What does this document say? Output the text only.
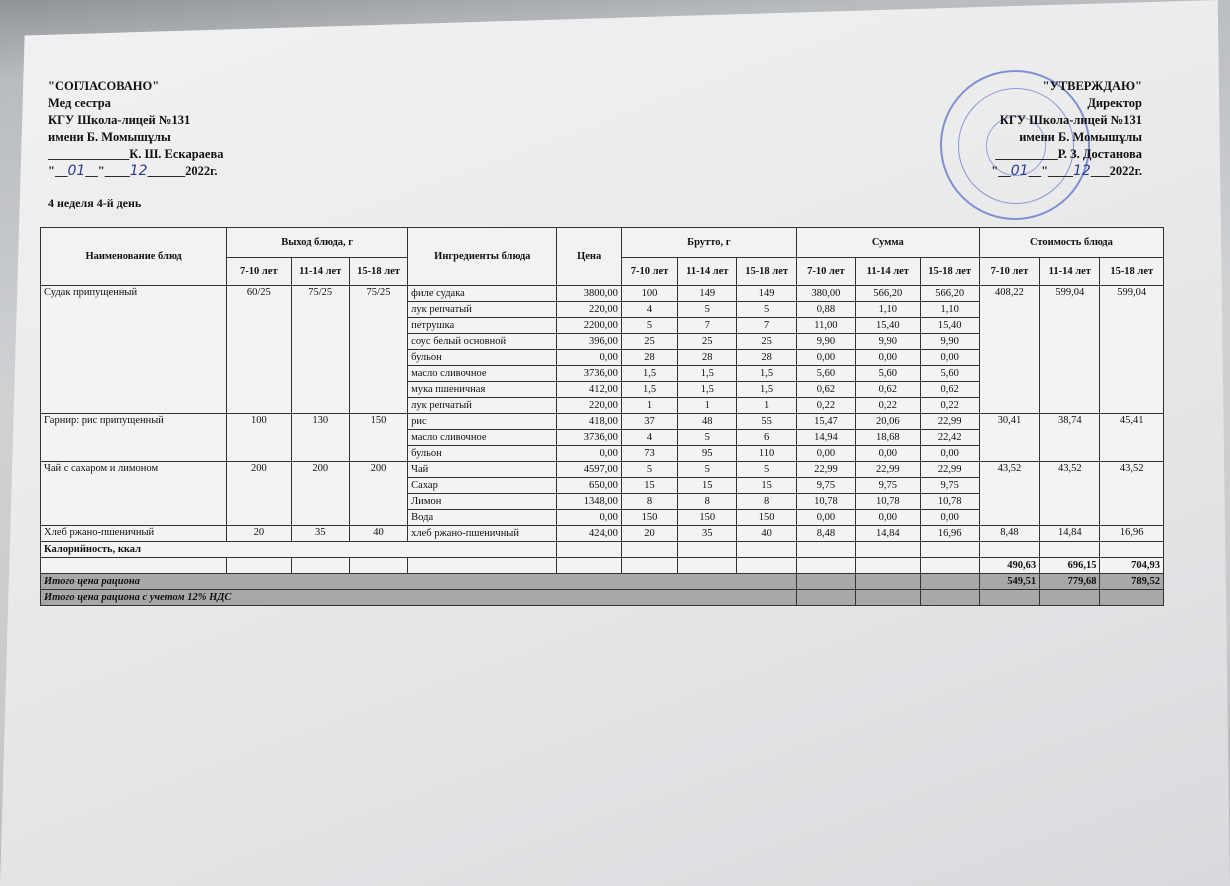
"СОГЛАСОВАНО"
Мед сестра
КГУ Школа-лицей №131
имени Б. Момышұлы
_____________К. Ш. Ескараева
"__01__"____12______2022г.
"УТВЕРЖДАЮ"
Директор
КГУ Школа-лицей №131
имени Б. Момышұлы
__________Р. З. Достанова
"__01__"____12___2022г.
4 неделя 4-й день
Наименование блюд	Выход блюда, г			Ингредиенты блюда	Цена	Брутто, г			Сумма			Стоимость блюда		
	7-10 лет	11-14 лет	15-18 лет			7-10 лет	11-14 лет	15-18 лет	7-10 лет	11-14 лет	15-18 лет	7-10 лет	11-14 лет	15-18 лет
Судак припущенный	60/25	75/25	75/25	филе судака	3800,00	100	149	149	380,00	566,20	566,20	408,22	599,04	599,04
				лук репчатый	220,00	4	5	5	0,88	1,10	1,10			
				петрушка	2200,00	5	7	7	11,00	15,40	15,40			
				соус белый основной	396,00	25	25	25	9,90	9,90	9,90			
				бульон	0,00	28	28	28	0,00	0,00	0,00			
				масло сливочное	3736,00	1,5	1,5	1,5	5,60	5,60	5,60			
				мука пшеничная	412,00	1,5	1,5	1,5	0,62	0,62	0,62			
				лук репчатый	220,00	1	1	1	0,22	0,22	0,22			
Гарнир: рис припущенный	100	130	150	рис	418,00	37	48	55	15,47	20,06	22,99	30,41	38,74	45,41
				масло сливочное	3736,00	4	5	6	14,94	18,68	22,42			
				бульон	0,00	73	95	110	0,00	0,00	0,00			
Чай с сахаром и лимоном	200	200	200	Чай	4597,00	5	5	5	22,99	22,99	22,99	43,52	43,52	43,52
				Сахар	650,00	15	15	15	9,75	9,75	9,75			
				Лимон	1348,00	8	8	8	10,78	10,78	10,78			
				Вода	0,00	150	150	150	0,00	0,00	0,00			
Хлеб ржано-пшеничный	20	35	40	хлеб ржано-пшеничный	424,00	20	35	40	8,48	14,84	16,96	8,48	14,84	16,96
Калорийность, ккал														
												490,63	696,15	704,93
Итого цена рациона												549,51	779,68	789,52
Итого цена рациона с учетом 12% НДС														
